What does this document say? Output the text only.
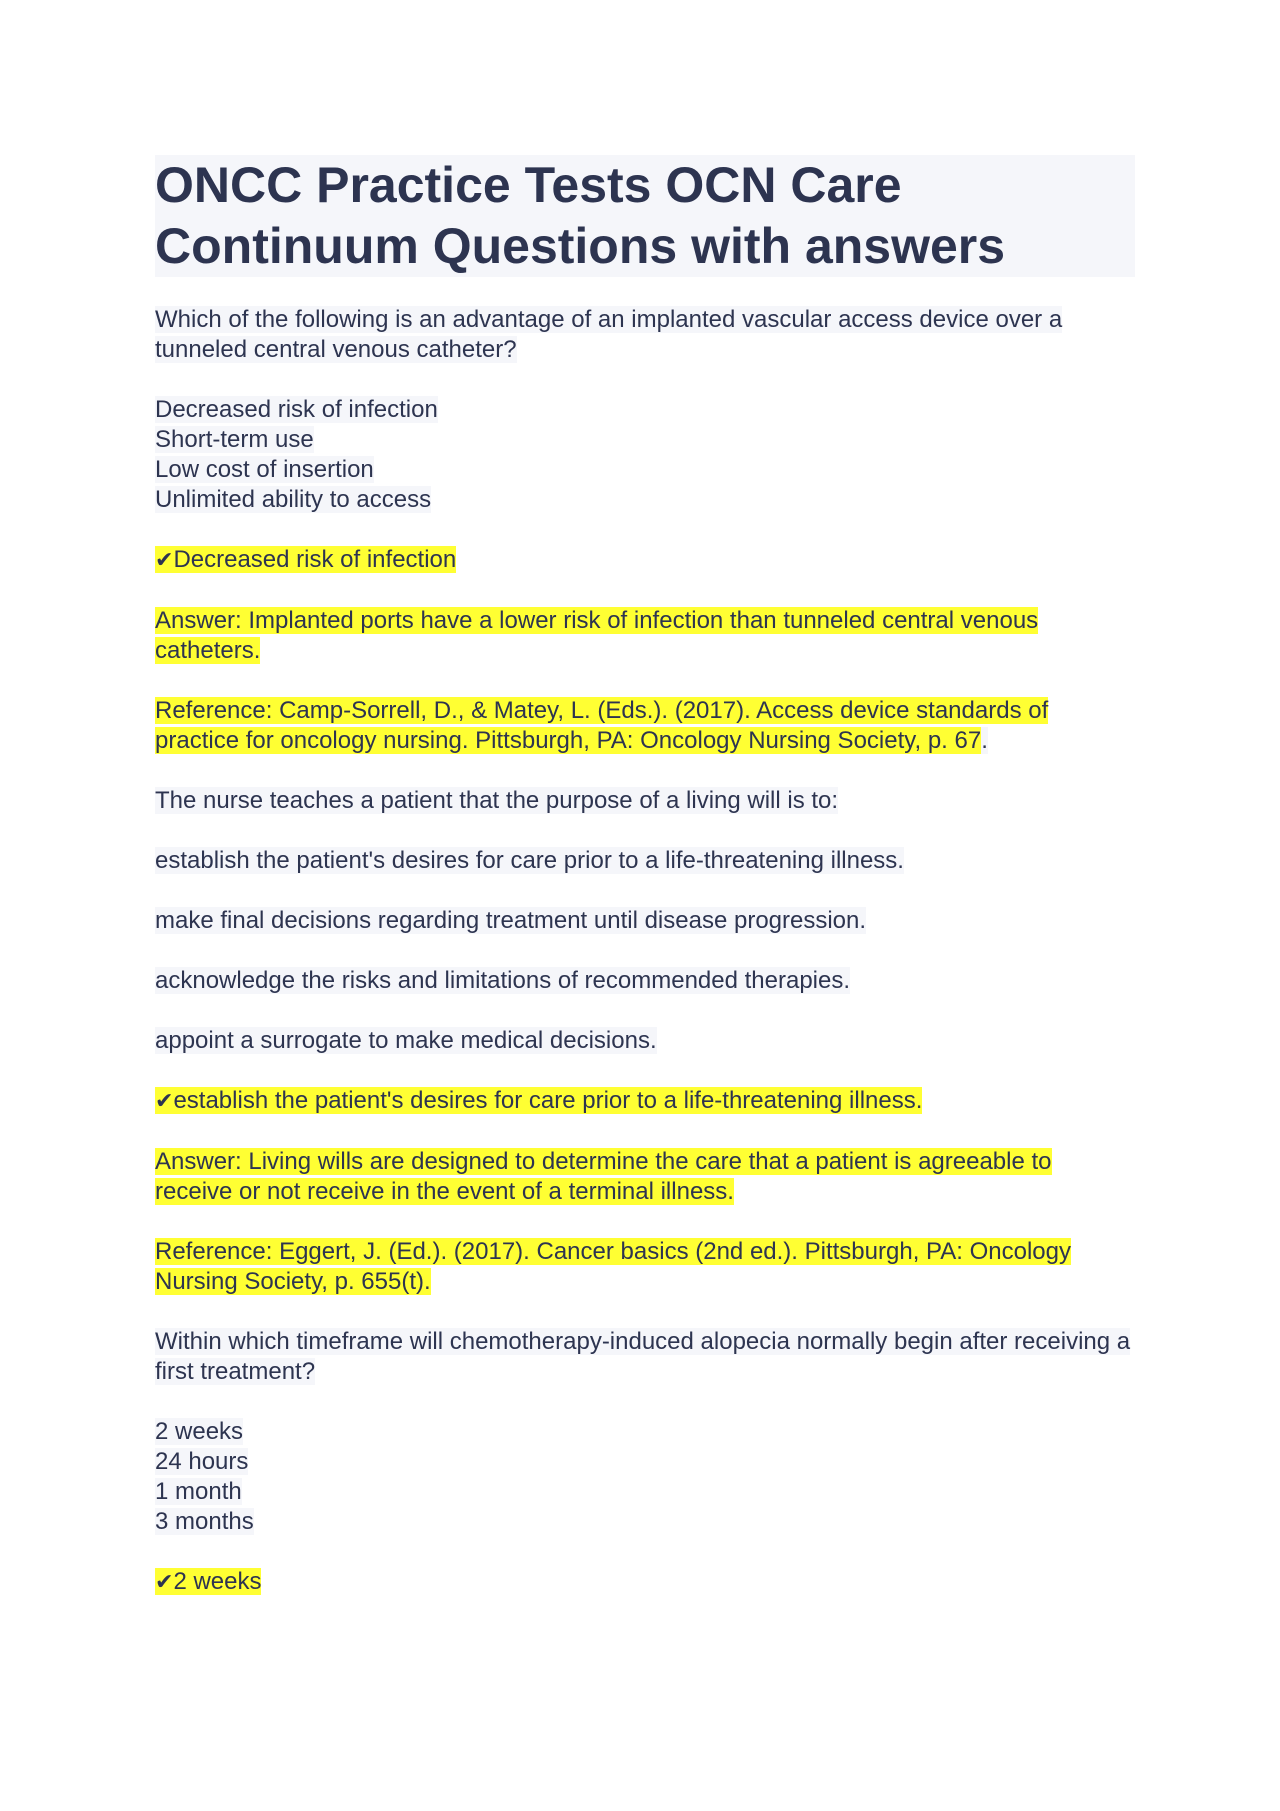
ONCC Practice Tests OCN Care Continuum Questions with answers

Which of the following is an advantage of an implanted vascular access device over a tunneled central venous catheter?

Decreased risk of infection
Short-term use
Low cost of insertion
Unlimited ability to access

✔Decreased risk of infection

Answer: Implanted ports have a lower risk of infection than tunneled central venous catheters.

Reference: Camp-Sorrell, D., & Matey, L. (Eds.). (2017). Access device standards of practice for oncology nursing. Pittsburgh, PA: Oncology Nursing Society, p. 67.

The nurse teaches a patient that the purpose of a living will is to:

establish the patient's desires for care prior to a life-threatening illness.

make final decisions regarding treatment until disease progression.

acknowledge the risks and limitations of recommended therapies.

appoint a surrogate to make medical decisions.

✔establish the patient's desires for care prior to a life-threatening illness.

Answer: Living wills are designed to determine the care that a patient is agreeable to receive or not receive in the event of a terminal illness.

Reference: Eggert, J. (Ed.). (2017). Cancer basics (2nd ed.). Pittsburgh, PA: Oncology Nursing Society, p. 655(t).

Within which timeframe will chemotherapy-induced alopecia normally begin after receiving a first treatment?

2 weeks
24 hours
1 month
3 months

✔2 weeks
